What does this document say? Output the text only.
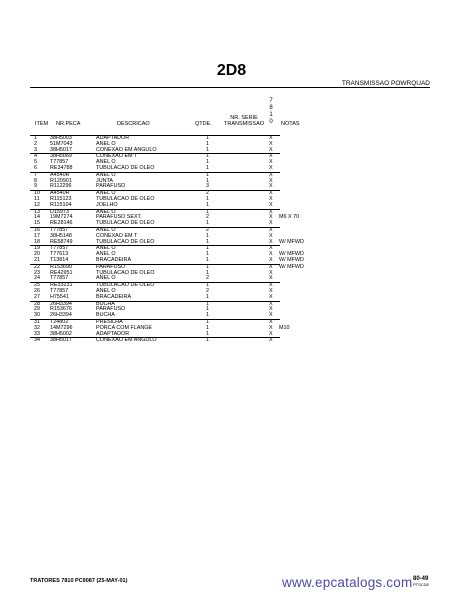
2D8
TRANSMISSAO POWRQUAD
7
8
1
0
ITEM NR.PECA	DESCRICAO	QTDE.
NR. SERIE
TRANSMISSAO	NOTAS
1 38H5003	ADAPTADOR	1	X
2 51M7043	ANEL O	1	X
3 38H5017	CONEXAO EM ANGULO	1	X
4 38H5069	CONEXAO EM T	1	X
5 T77857	ANEL O	1	X
6 RE34788	TUBULACAO DE OLEO	1	X
7 A4540R	ANEL O	1	X
8 R120901	JUNTA	1	X
9 R112296	PARAFUSO	3	X
10 A4540R	ANEL O	2	X
11 R115123	TUBULACAO DE OLEO	1	X
12 R115104	JOELHO	1	X
13 D15973	ANEL O	1	X
14 19M7274	PARAFUSO SEXT.	2	X M6 X 70
15 RE28146	TUBULACAO DE OLEO	1	X
16 T77857	ANEL O	2	X
17 38H5148	CONEXAO EM T	1	X
18 RE58749	TUBULACAO DE OLEO	1	X W/ MFWD
19 T77857	ANEL O	1	X
20 T77613	ANEL O	1	X W/ MFWD
21 T13814	BRACADEIRA	1	X W/ MFWD
22 R153690	PARAFUSO	1	X W/ MFWD
23 RE42951	TUBULACAO DE OLEO	1	X
24 T77857	ANEL O	2	X
25 RE33231	TUBULACAO DE OLEO	1	X
26 T77857	ANEL O	2	X
27 H75541	BRACADEIRA	1	X
28 26H3394	BUCHA	1	X
29 R153676	PARAFUSO	1	X
30 26H3394	BUCHA	1	X
31 T24802	PRESILHA	1	X
32 14M7296	PORCA COM FLANGE	1	X M10
33 38H5002	ADAPTADOR	1	X
34 38H5017	CONEXAO EM ANGULO	1	X
TRATORES 7810 PC9087 (25-MAY-01)	www.epcatalogs.com 80-49
PTSCDE
